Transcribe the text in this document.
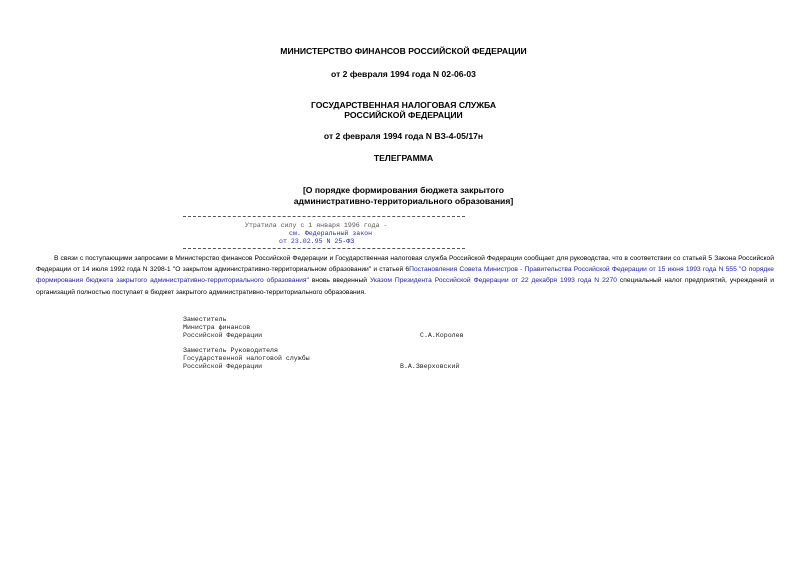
МИНИСТЕРСТВО ФИНАНСОВ РОССИЙСКОЙ ФЕДЕРАЦИИ
от 2 февраля 1994 года N 02-06-03
ГОСУДАРСТВЕННАЯ НАЛОГОВАЯ СЛУЖБА
РОССИЙСКОЙ ФЕДЕРАЦИИ
от 2 февраля 1994 года N ВЗ-4-05/17н
ТЕЛЕГРАММА
[О порядке формирования бюджета закрытого
административно-территориального образования]
Утратила силу с 1 января 1996 года -
см. Федеральный закон
от 23.02.95 N 25-ФЗ
В связи с поступающими запросами в Министерство финансов Российской Федерации и Государственная налоговая служба Российской Федерации сообщает для руководства, что в соответствии со статьей 5 Закона Российской Федерации от 14 июля 1992 года N 3298-1 "О закрытом административно-территориальном образовании" и статьей 6Постановления Совета Министров - Правительства Российской Федерации от 15 июня 1993 года N 555 "О порядке формирования бюджета закрытого административно-территориального образования" вновь введенный Указом Президента Российской Федерации от 22 декабря 1993 года N 2270 специальный налог предприятий, учреждений и организаций полностью поступает в бюджет закрытого административно-территориального образования.
Заместитель
Министра финансов
Российской Федерации	С.А.Королев
Заместитель Руководителя
Государственной налоговой службы
Российской Федерации	В.А.Зверховский
